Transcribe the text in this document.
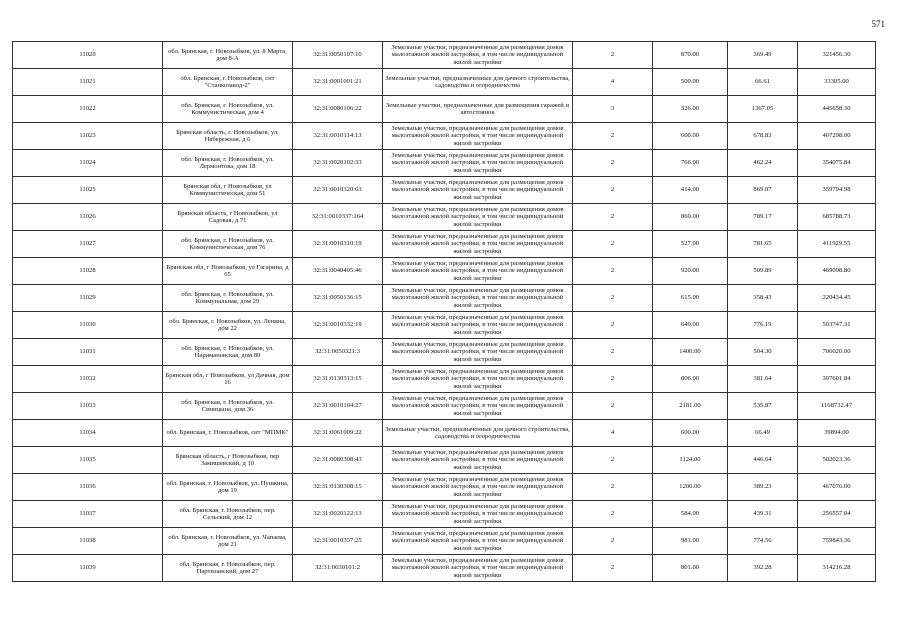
571
11020	обл. Брянская, г. Новозыбков, ул. 8 Марта, дом 8-А	32:31:0050107:10	Земельные участки, предназначенные для размещения домов малоэтажной жилой застройки, в том числе индивидуальной жилой застройки	2	870.00	369.49	321456.30
11021	обл. Брянская, г. Новозыбков, снт "Станкозавод-2"	32:31:0001001:21	Земельные участки, предназначенные для дачного строительства, садоводства и огородничества	4	500.00	66.61	33305.00
11022	обл. Брянская, г. Новозыбков, ул. Коммунистическая, дом 4	32:31:0080106:22	Земельные участки, предназначенные для размещения гаражей и автостоянок	3	326.00	1367.05	445658.30
11023	Брянская область, г. Новозыбков, ул. Набережная, д 6	32:31:0010114:13	Земельные участки, предназначенные для размещения домов малоэтажной жилой застройки, в том числе индивидуальной жилой застройки	2	600.00	678.83	407298.00
11024	обл. Брянская, г. Новозыбков, ул. Лермонтова, дом 18	32:31:0020102:33	Земельные участки, предназначенные для размещения домов малоэтажной жилой застройки, в том числе индивидуальной жилой застройки	2	766.00	462.24	354075.84
11025	Брянская обл, г Новозыбков, ул Коммунистическая, дом 51	32:31:0010320:63	Земельные участки, предназначенные для размещения домов малоэтажной жилой застройки, в том числе индивидуальной жилой застройки	2	414.00	869.07	359794.98
11026	Брянская область, г Новозыбков, ул Садовая, д 71	32:31:0010337:164	Земельные участки, предназначенные для размещения домов малоэтажной жилой застройки, в том числе индивидуальной жилой застройки	2	869.00	789.17	685788.73
11027	обл. Брянская, г. Новозыбков, ул. Коммунистическая, дом 76	32:31:0010310:19	Земельные участки, предназначенные для размещения домов малоэтажной жилой застройки, в том числе индивидуальной жилой застройки	2	527.00	781.65	411929.55
11028	Брянская обл, г Новозыбков, ул Гагарина, д 65	32:31:0040405:46	Земельные участки, предназначенные для размещения домов малоэтажной жилой застройки, в том числе индивидуальной жилой застройки	2	920.00	509.89	469098.80
11029	обл. Брянская, г. Новозыбков, ул. Коммунальная, дом 29	32:31:0050136:15	Земельные участки, предназначенные для размещения домов малоэтажной жилой застройки, в том числе индивидуальной жилой застройки	2	615.00	358.43	220434.45
11030	обл. Брянская, г. Новозыбков, ул. Ленина, дом 22	32:31:0010332:19	Земельные участки, предназначенные для размещения домов малоэтажной жилой застройки, в том числе индивидуальной жилой застройки	2	649.00	776.19	503747.31
11031	обл. Брянская, г. Новозыбков, ул. Наримановская, дом 89	32:31:0050321:3	Земельные участки, предназначенные для размещения домов малоэтажной жилой застройки, в том числе индивидуальной жилой застройки	2	1400.00	504.30	706020.00
11032	Брянская обл, г Новозыбков, ул Дачная, дом 16	32:31:0130313:15	Земельные участки, предназначенные для размещения домов малоэтажной жилой застройки, в том числе индивидуальной жилой застройки	2	806.00	381.64	307601.84
11033	обл. Брянская, г. Новозыбков, ул. Синицына, дом 36	32:31:0010104:27	Земельные участки, предназначенные для размещения домов малоэтажной жилой застройки, в том числе индивидуальной жилой застройки	2	2181.00	535.87	1168732.47
11034	обл. Брянская, г. Новозыбков, снт "МПМК"	32:31:0061009:22	Земельные участки, предназначенные для дачного строительства, садоводства и огородничества	4	600.00	66.49	39894.00
11035	Брянская область, г Новозыбков, пер Замишевский, д 10	32:31:0080308:43	Земельные участки, предназначенные для размещения домов малоэтажной жилой застройки, в том числе индивидуальной жилой застройки	2	1124.00	446.64	502023.36
11036	обл. Брянская, г. Новозыбков, ул. Пушкина, дом 19	32:31:0130308:15	Земельные участки, предназначенные для размещения домов малоэтажной жилой застройки, в том числе индивидуальной жилой застройки	2	1200.00	389.23	467076.00
11037	обл. Брянская, г. Новозыбков, пер. Сельский, дом 12	32:31:0020122:13	Земельные участки, предназначенные для размещения домов малоэтажной жилой застройки, в том числе индивидуальной жилой застройки	2	584.00	439.31	256557.04
11038	обл. Брянская, г. Новозыбков, ул. Чапаева, дом 21	32:31:0010337:25	Земельные участки, предназначенные для размещения домов малоэтажной жилой застройки, в том числе индивидуальной жилой застройки	2	981.00	774.56	759843.36
11039	обл. Брянская, г. Новозыбков, пер. Партизанский, дом 27	32:31:0030101:2	Земельные участки, предназначенные для размещения домов малоэтажной жилой застройки, в том числе индивидуальной жилой застройки	2	801.00	392.28	314216.28
